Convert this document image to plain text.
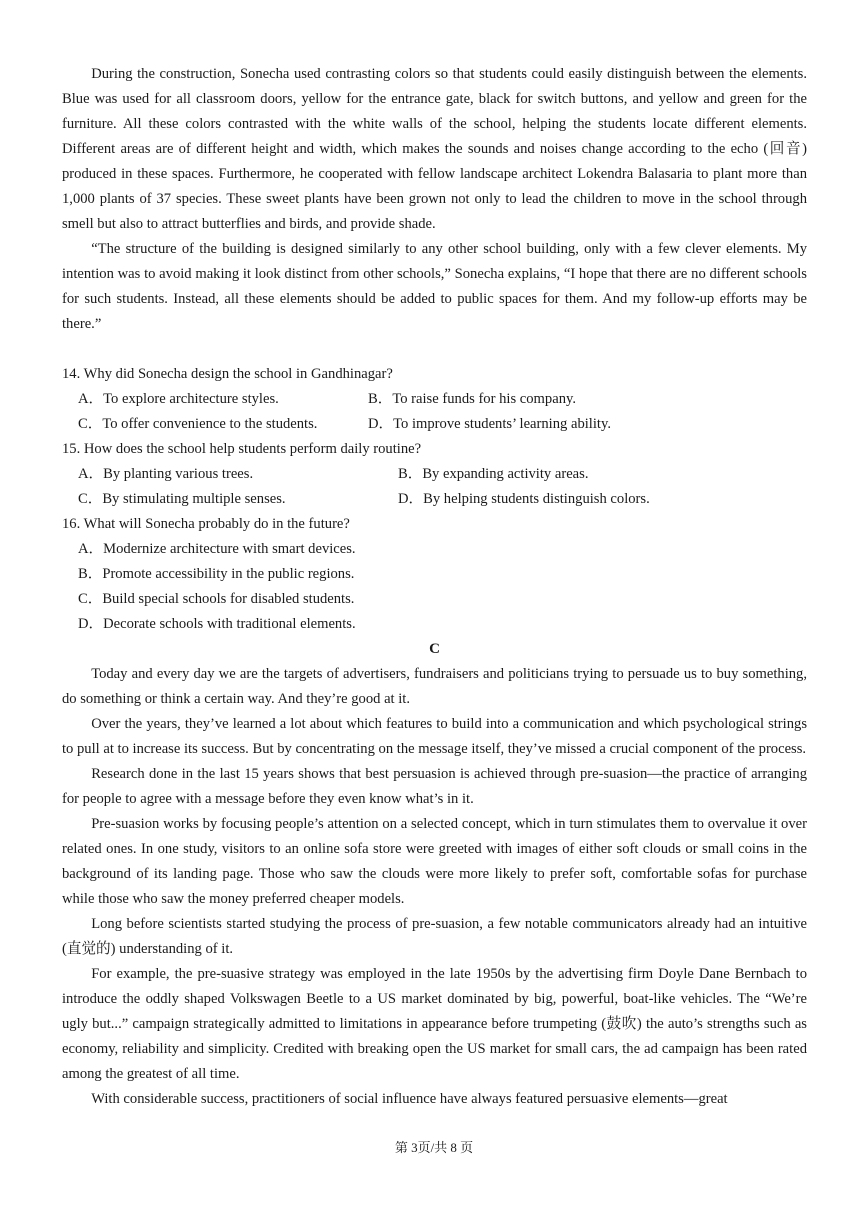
During the construction, Sonecha used contrasting colors so that students could easily distinguish between the elements. Blue was used for all classroom doors, yellow for the entrance gate, black for switch buttons, and yellow and green for the furniture. All these colors contrasted with the white walls of the school, helping the students locate different elements. Different areas are of different height and width, which makes the sounds and noises change according to the echo (回音) produced in these spaces. Furthermore, he cooperated with fellow landscape architect Lokendra Balasaria to plant more than 1,000 plants of 37 species. These sweet plants have been grown not only to lead the children to move in the school through smell but also to attract butterflies and birds, and provide shade.

“The structure of the building is designed similarly to any other school building, only with a few clever elements. My intention was to avoid making it look distinct from other schools,” Sonecha explains, “I hope that there are no different schools for such students. Instead, all these elements should be added to public spaces for them. And my follow-up efforts may be there.”

14. Why did Sonecha design the school in Gandhinagar?
A．To explore architecture styles.	B．To raise funds for his company.
C．To offer convenience to the students.	D．To improve students’ learning ability.
15. How does the school help students perform daily routine?
A．By planting various trees.	B．By expanding activity areas.
C．By stimulating multiple senses.	D．By helping students distinguish colors.
16. What will Sonecha probably do in the future?
A．Modernize architecture with smart devices.
B．Promote accessibility in the public regions.
C．Build special schools for disabled students.
D．Decorate schools with traditional elements.
C

Today and every day we are the targets of advertisers, fundraisers and politicians trying to persuade us to buy something, do something or think a certain way. And they’re good at it.

Over the years, they’ve learned a lot about which features to build into a communication and which psychological strings to pull at to increase its success. But by concentrating on the message itself, they’ve missed a crucial component of the process.

Research done in the last 15 years shows that best persuasion is achieved through pre-suasion—the practice of arranging for people to agree with a message before they even know what’s in it.

Pre-suasion works by focusing people’s attention on a selected concept, which in turn stimulates them to overvalue it over related ones. In one study, visitors to an online sofa store were greeted with images of either soft clouds or small coins in the background of its landing page. Those who saw the clouds were more likely to prefer soft, comfortable sofas for purchase while those who saw the money preferred cheaper models.

Long before scientists started studying the process of pre-suasion, a few notable communicators already had an intuitive (直觉的) understanding of it.

For example, the pre-suasive strategy was employed in the late 1950s by the advertising firm Doyle Dane Bernbach to introduce the oddly shaped Volkswagen Beetle to a US market dominated by big, powerful, boat-like vehicles. The “We’re ugly but...” campaign strategically admitted to limitations in appearance before trumpeting (鼓吹) the auto’s strengths such as economy, reliability and simplicity. Credited with breaking open the US market for small cars, the ad campaign has been rated among the greatest of all time.

With considerable success, practitioners of social influence have always featured persuasive elements—great

第 3页/共 8 页
